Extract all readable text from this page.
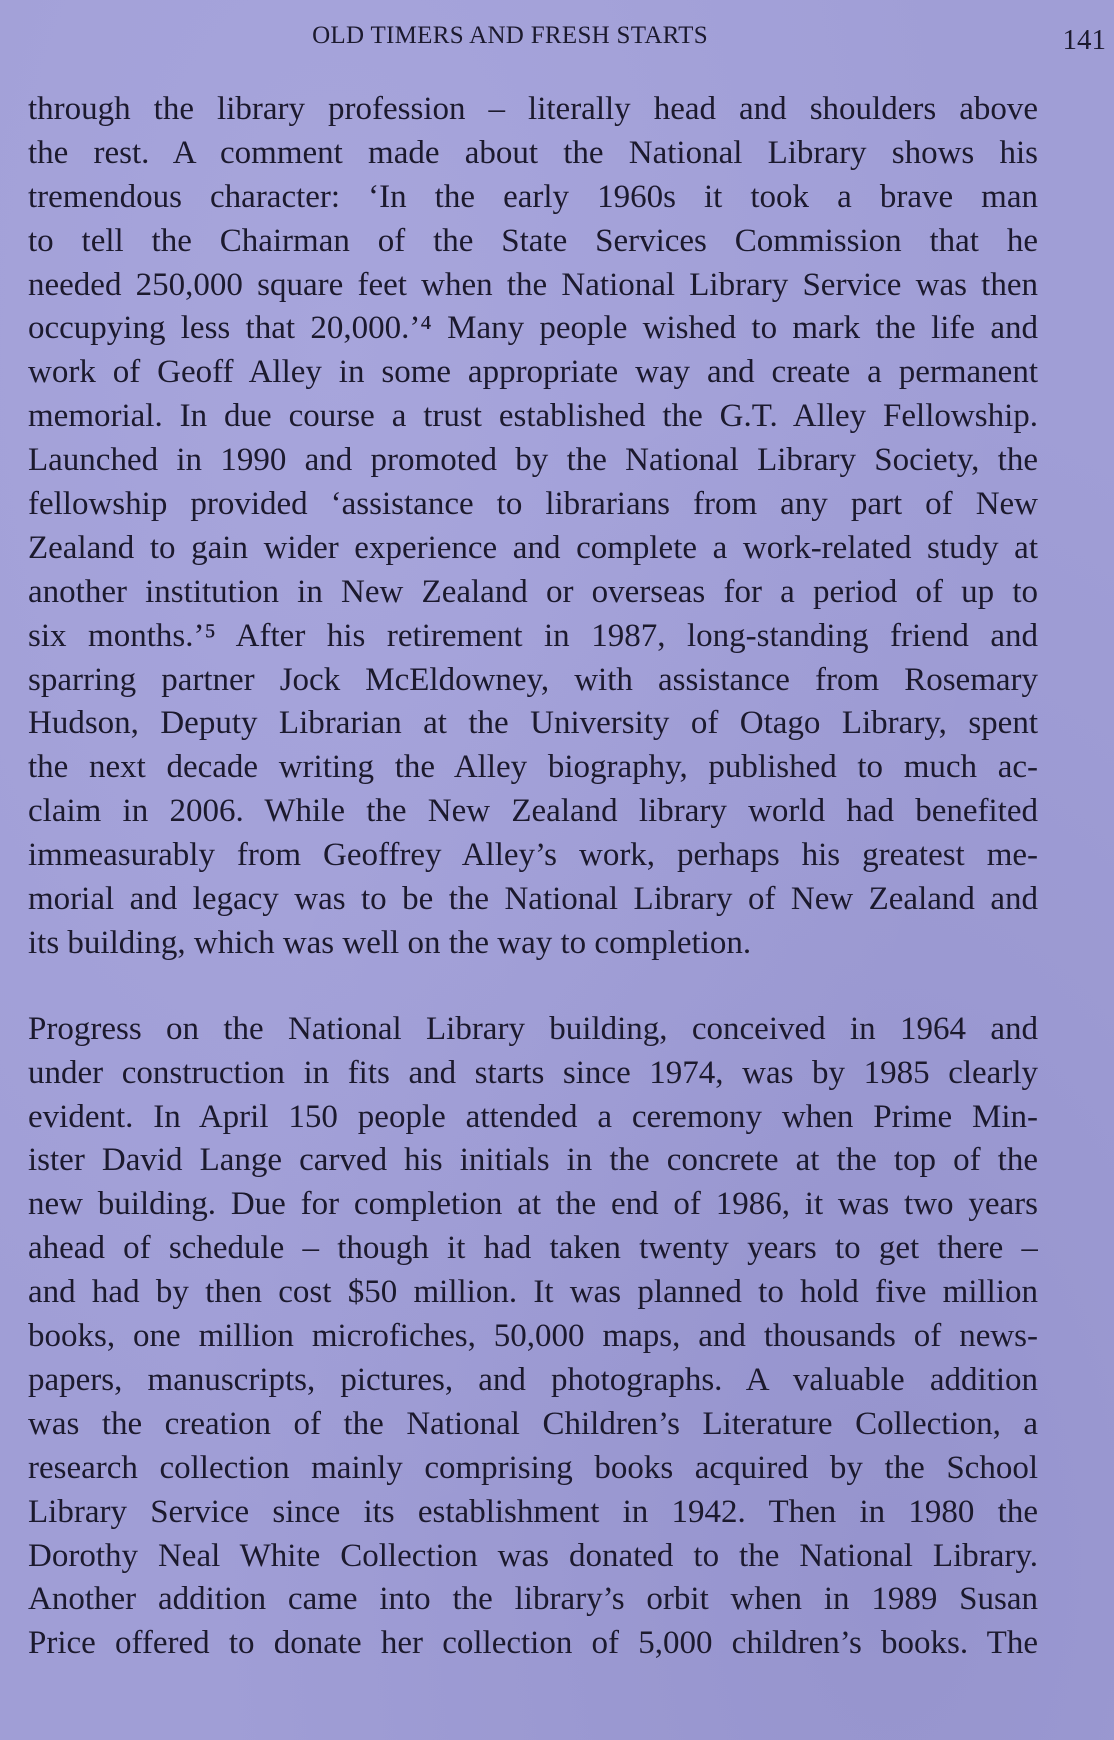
OLD TIMERS AND FRESH STARTS	141
through the library profession – literally head and shoulders above
the rest. A comment made about the National Library shows his
tremendous character: ‘In the early 1960s it took a brave man
to tell the Chairman of the State Services Commission that he
needed 250,000 square feet when the National Library Service was then
occupying less that 20,000.’⁴ Many people wished to mark the life and
work of Geoff Alley in some appropriate way and create a permanent
memorial. In due course a trust established the G.T. Alley Fellowship.
Launched in 1990 and promoted by the National Library Society, the
fellowship provided ‘assistance to librarians from any part of New
Zealand to gain wider experience and complete a work-related study at
another institution in New Zealand or overseas for a period of up to
six months.’⁵ After his retirement in 1987, long-standing friend and
sparring partner Jock McEldowney, with assistance from Rosemary
Hudson, Deputy Librarian at the University of Otago Library, spent
the next decade writing the Alley biography, published to much ac-
claim in 2006. While the New Zealand library world had benefited
immeasurably from Geoffrey Alley’s work, perhaps his greatest me-
morial and legacy was to be the National Library of New Zealand and
its building, which was well on the way to completion.
Progress on the National Library building, conceived in 1964 and
under construction in fits and starts since 1974, was by 1985 clearly
evident. In April 150 people attended a ceremony when Prime Min-
ister David Lange carved his initials in the concrete at the top of the
new building. Due for completion at the end of 1986, it was two years
ahead of schedule – though it had taken twenty years to get there –
and had by then cost $50 million. It was planned to hold five million
books, one million microfiches, 50,000 maps, and thousands of news-
papers, manuscripts, pictures, and photographs. A valuable addition
was the creation of the National Children’s Literature Collection, a
research collection mainly comprising books acquired by the School
Library Service since its establishment in 1942. Then in 1980 the
Dorothy Neal White Collection was donated to the National Library.
Another addition came into the library’s orbit when in 1989 Susan
Price offered to donate her collection of 5,000 children’s books. The
